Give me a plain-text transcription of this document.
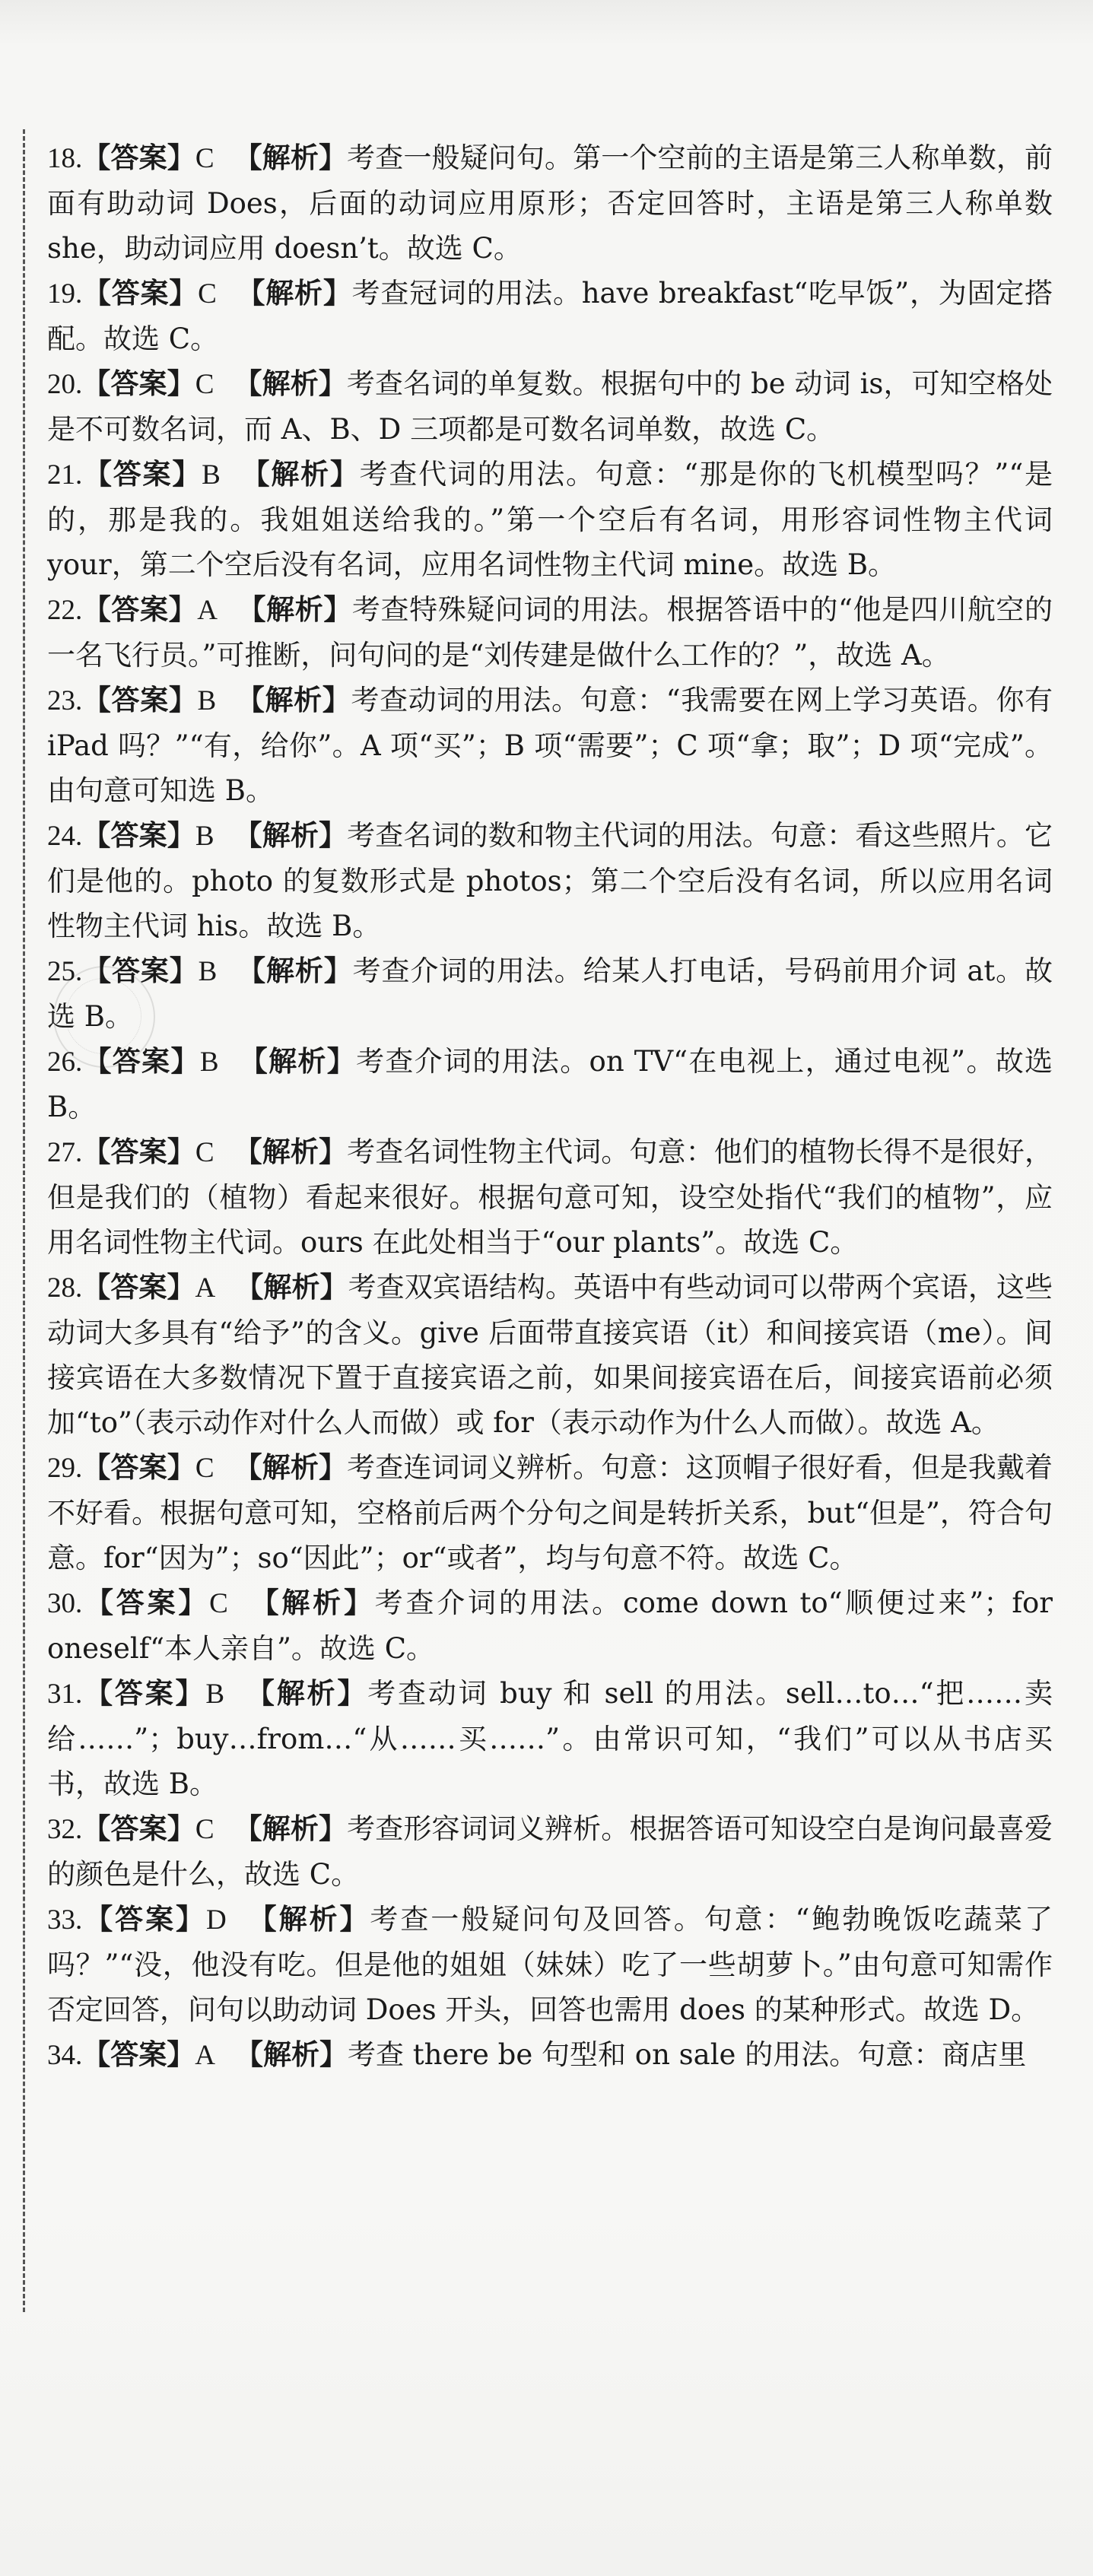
18.【答案】C 【解析】考查一般疑问句。第一个空前的主语是第三人称单数，前面有助动词 Does，后面的动词应用原形；否定回答时，主语是第三人称单数 she，助动词应用 doesn’t。故选 C。

19.【答案】C 【解析】考查冠词的用法。have breakfast“吃早饭”，为固定搭配。故选 C。

20.【答案】C 【解析】考查名词的单复数。根据句中的 be 动词 is，可知空格处是不可数名词，而 A、B、D 三项都是可数名词单数，故选 C。

21.【答案】B 【解析】考查代词的用法。句意：“那是你的飞机模型吗？”“是的，那是我的。我姐姐送给我的。”第一个空后有名词，用形容词性物主代词 your，第二个空后没有名词，应用名词性物主代词 mine。故选 B。

22.【答案】A 【解析】考查特殊疑问词的用法。根据答语中的“他是四川航空的一名飞行员。”可推断，问句问的是“刘传建是做什么工作的？”，故选 A。

23.【答案】B 【解析】考查动词的用法。句意：“我需要在网上学习英语。你有 iPad 吗？”“有，给你”。A 项“买”；B 项“需要”；C 项“拿；取”；D 项“完成”。由句意可知选 B。

24.【答案】B 【解析】考查名词的数和物主代词的用法。句意：看这些照片。它们是他的。photo 的复数形式是 photos；第二个空后没有名词，所以应用名词性物主代词 his。故选 B。

25.【答案】B 【解析】考查介词的用法。给某人打电话，号码前用介词 at。故选 B。

26.【答案】B 【解析】考查介词的用法。on TV“在电视上，通过电视”。故选 B。

27.【答案】C 【解析】考查名词性物主代词。句意：他们的植物长得不是很好，但是我们的（植物）看起来很好。根据句意可知，设空处指代“我们的植物”，应用名词性物主代词。ours 在此处相当于“our plants”。故选 C。

28.【答案】A 【解析】考查双宾语结构。英语中有些动词可以带两个宾语，这些动词大多具有“给予”的含义。give 后面带直接宾语（it）和间接宾语（me）。间接宾语在大多数情况下置于直接宾语之前，如果间接宾语在后，间接宾语前必须加“to”（表示动作对什么人而做）或 for（表示动作为什么人而做）。故选 A。

29.【答案】C 【解析】考查连词词义辨析。句意：这顶帽子很好看，但是我戴着不好看。根据句意可知，空格前后两个分句之间是转折关系，but“但是”，符合句意。for“因为”；so“因此”；or“或者”，均与句意不符。故选 C。

30.【答案】C 【解析】考查介词的用法。come down to“顺便过来”；for oneself“本人亲自”。故选 C。

31.【答案】B 【解析】考查动词 buy 和 sell 的用法。sell…to…“把……卖给……”；buy…from…“从……买……”。由常识可知，“我们”可以从书店买书，故选 B。

32.【答案】C 【解析】考查形容词词义辨析。根据答语可知设空白是询问最喜爱的颜色是什么，故选 C。

33.【答案】D 【解析】考查一般疑问句及回答。句意：“鲍勃晚饭吃蔬菜了吗？”“没，他没有吃。但是他的姐姐（妹妹）吃了一些胡萝卜。”由句意可知需作否定回答，问句以助动词 Does 开头，回答也需用 does 的某种形式。故选 D。

34.【答案】A 【解析】考查 there be 句型和 on sale 的用法。句意：商店里
